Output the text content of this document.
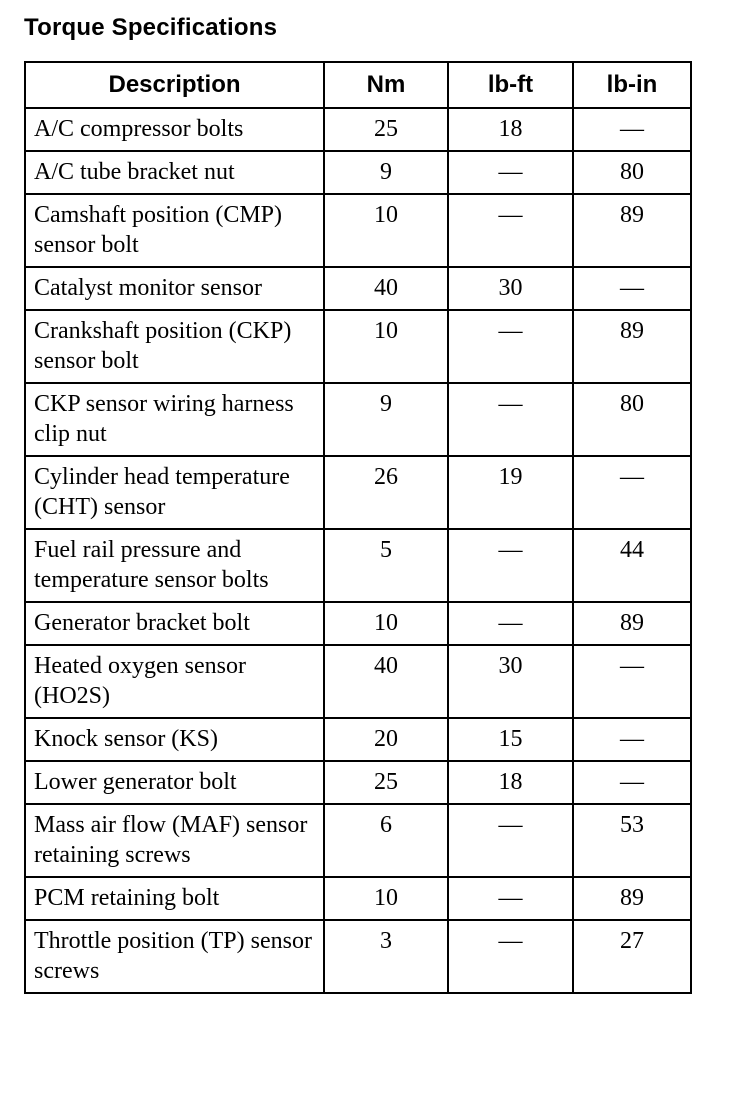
Torque Specifications
Description	Nm	lb-ft	lb-in
A/C compressor bolts	25	18	—
A/C tube bracket nut	9	—	80
Camshaft position (CMP) sensor bolt	10	—	89
Catalyst monitor sensor	40	30	—
Crankshaft position (CKP) sensor bolt	10	—	89
CKP sensor wiring harness clip nut	9	—	80
Cylinder head temperature (CHT) sensor	26	19	—
Fuel rail pressure and temperature sensor bolts	5	—	44
Generator bracket bolt	10	—	89
Heated oxygen sensor (HO2S)	40	30	—
Knock sensor (KS)	20	15	—
Lower generator bolt	25	18	—
Mass air flow (MAF) sensor retaining screws	6	—	53
PCM retaining bolt	10	—	89
Throttle position (TP) sensor screws	3	—	27
